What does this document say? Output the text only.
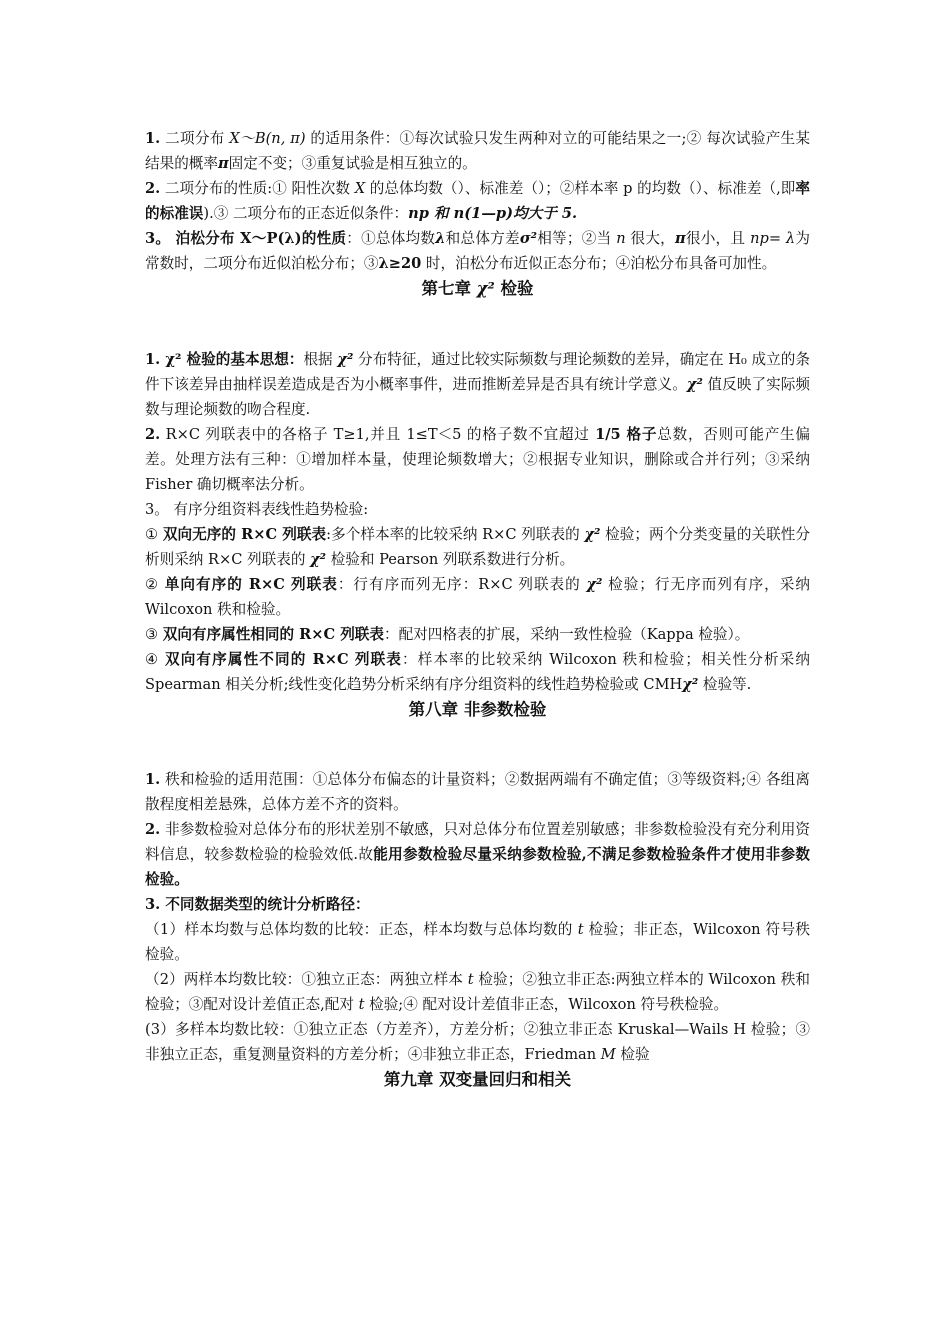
1. 二项分布 X～B(n, π) 的适用条件：①每次试验只发生两种对立的可能结果之一;② 每次试验产生某结果的概率π固定不变；③重复试验是相互独立的。

2. 二项分布的性质:① 阳性次数 X 的总体均数（）、标准差（）；②样本率 p 的均数（）、标准差（,即率的标准误).③ 二项分布的正态近似条件：np 和 n(1—p)均大于 5.

3。 泊松分布 X～P(λ)的性质：①总体均数λ和总体方差σ²相等；②当 n 很大，π很小，且 np= λ为常数时，二项分布近似泊松分布；③λ≥20 时，泊松分布近似正态分布；④泊松分布具备可加性。

第七章 χ² 检验

1. χ² 检验的基本思想：根据 χ² 分布特征，通过比较实际频数与理论频数的差异，确定在 H₀ 成立的条件下该差异由抽样误差造成是否为小概率事件，进而推断差异是否具有统计学意义。χ² 值反映了实际频数与理论频数的吻合程度.

2. R×C 列联表中的各格子 T≥1,并且 1≤T＜5 的格子数不宜超过 1/5 格子总数，否则可能产生偏差。处理方法有三种：①增加样本量，使理论频数增大；②根据专业知识，删除或合并行列；③采纳 Fisher 确切概率法分析。

3。 有序分组资料表线性趋势检验:

① 双向无序的 R×C 列联表:多个样本率的比较采纳 R×C 列联表的 χ² 检验；两个分类变量的关联性分析则采纳 R×C 列联表的 χ² 检验和 Pearson 列联系数进行分析。

② 单向有序的 R×C 列联表：行有序而列无序：R×C 列联表的 χ² 检验；行无序而列有序，采纳 Wilcoxon 秩和检验。

③ 双向有序属性相同的 R×C 列联表：配对四格表的扩展，采纳一致性检验（Kappa 检验）。

④ 双向有序属性不同的 R×C 列联表：样本率的比较采纳 Wilcoxon 秩和检验；相关性分析采纳 Spearman 相关分析;线性变化趋势分析采纳有序分组资料的线性趋势检验或 CMHχ² 检验等.

第八章 非参数检验

1. 秩和检验的适用范围：①总体分布偏态的计量资料；②数据两端有不确定值；③等级资料;④ 各组离散程度相差悬殊，总体方差不齐的资料。

2. 非参数检验对总体分布的形状差别不敏感，只对总体分布位置差别敏感；非参数检验没有充分利用资料信息，较参数检验的检验效低.故能用参数检验尽量采纳参数检验,不满足参数检验条件才使用非参数检验。

3. 不同数据类型的统计分析路径：

（1）样本均数与总体均数的比较：正态，样本均数与总体均数的 t 检验；非正态，Wilcoxon 符号秩检验。

（2）两样本均数比较：①独立正态：两独立样本 t 检验；②独立非正态:两独立样本的 Wilcoxon 秩和检验；③配对设计差值正态,配对 t 检验;④ 配对设计差值非正态，Wilcoxon 符号秩检验。

(3）多样本均数比较：①独立正态（方差齐），方差分析；②独立非正态 Kruskal—Wails H 检验；③非独立正态，重复测量资料的方差分析；④非独立非正态，Friedman M 检验

第九章 双变量回归和相关
